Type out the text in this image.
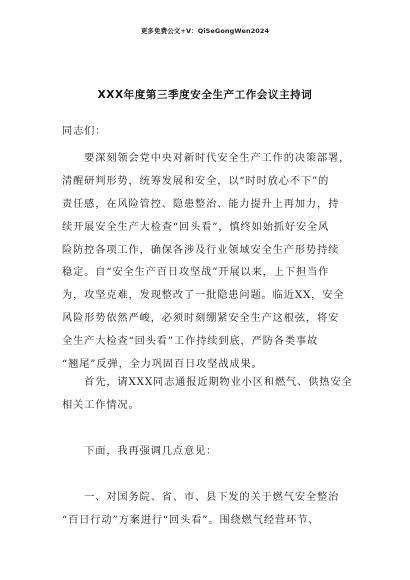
更多免费公文+V：QiSeGongWen2024
XXX年度第三季度安全生产工作会议主持词
同志们：
　　要深刻领会党中央对新时代安全生产工作的决策部署，
清醒研判形势，统筹发展和安全，以“时时放心不下”的
责任感，在风险管控、隐患整治、能力提升上再加力，持
续开展安全生产大检查“回头看”，慎终如始抓好安全风
险防控各项工作，确保各涉及行业领域安全生产形势持续
稳定。自“安全生产百日攻坚战”开展以来，上下担当作
为，攻坚克难，发现整改了一批隐患问题。临近XX，安全
风险形势依然严峻，必须时刻绷紧安全生产这根弦，将安
全生产大检查“回头看”工作持续到底，严防各类事故
“翘尾”反弹，全力巩固百日攻坚战成果。
　　首先，请XXX同志通报近期物业小区和燃气、供热安全
相关工作情况。
　　下面，我再强调几点意见：
　　一、对国务院、省、市、县下发的关于燃气安全整治
“百日行动”方案进行“回头看”。围绕燃气经营环节、
